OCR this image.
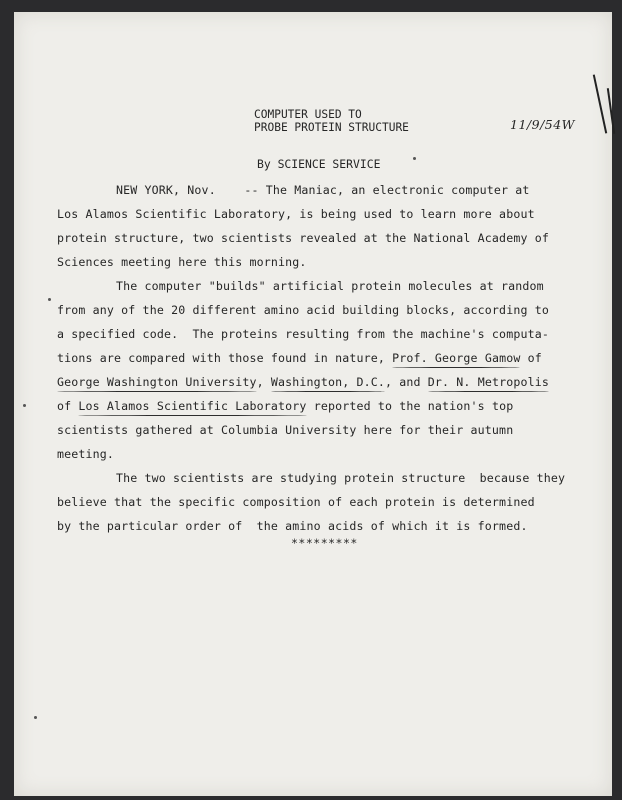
COMPUTER USED TO
PROBE PROTEIN STRUCTURE	11/9/54W
By SCIENCE SERVICE
NEW YORK, Nov.    -- The Maniac, an electronic computer at
Los Alamos Scientific Laboratory, is being used to learn more about
protein structure, two scientists revealed at the National Academy of
Sciences meeting here this morning.
The computer "builds" artificial protein molecules at random
from any of the 20 different amino acid building blocks, according to
a specified code.  The proteins resulting from the machine's computa-
tions are compared with those found in nature, Prof. George Gamow of
George Washington University, Washington, D.C., and Dr. N. Metropolis
of Los Alamos Scientific Laboratory reported to the nation's top
scientists gathered at Columbia University here for their autumn
meeting.
The two scientists are studying protein structure  because they
believe that the specific composition of each protein is determined
by the particular order of  the amino acids of which it is formed.
*********
